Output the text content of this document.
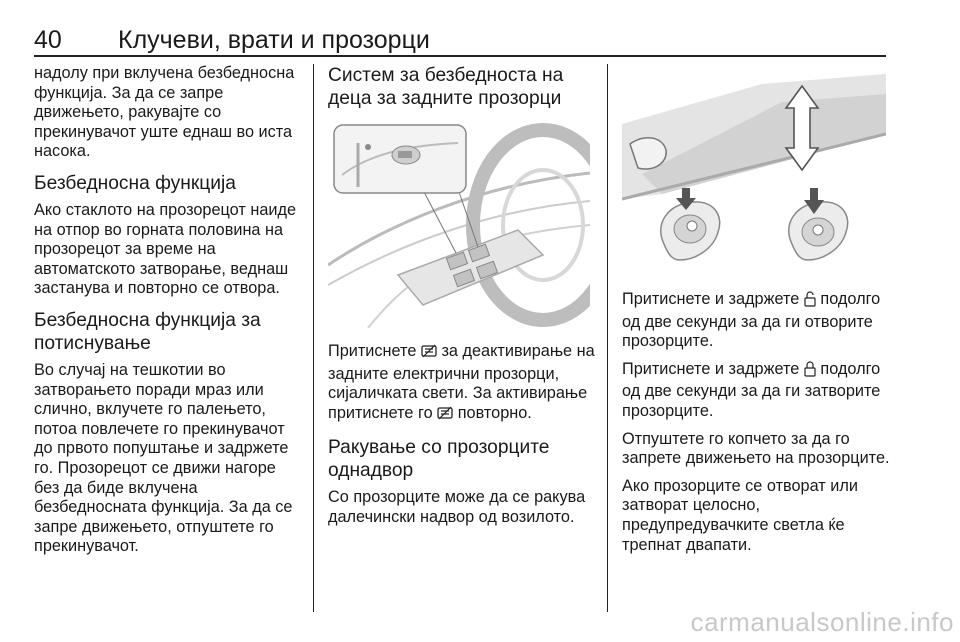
40 Клучеви, врати и прозорци

надолу при вклучена безбедносна функција. За да се запре движењето, ракувајте со прекинувачот уште еднаш во иста насока.

Безбедносна функција

Ако стаклото на прозорецот наиде на отпор во горната половина на прозорецот за време на автоматското затворање, веднаш застанува и повторно се отвора.

Безбедносна функција за потиснување

Во случај на тешкотии во затворањето поради мраз или слично, вклучете го палењето, потоа повлечете го прекинувачот до првото попуштање и задржете го. Прозорецот се движи нагоре без да биде вклучена безбедносната функција. За да се запре движењето, отпуштете го прекинувачот.

Систем за безбедноста на деца за задните прозорци

Притиснете за деактивирање на задните електрични прозорци, сијаличката свети. За активирање притиснете го повторно.

Ракување со прозорците однадвор

Со прозорците може да се ракува далечински надвор од возилото.

Притиснете и задржете подолго од две секунди за да ги отворите прозорците.

Притиснете и задржете подолго од две секунди за да ги затворите прозорците.

Отпуштете го копчето за да го запрете движењето на прозорците.

Ако прозорците се отворат или затворат целосно, предупредувачките светла ќе трепнат двапати.

carmanualsonline.info
